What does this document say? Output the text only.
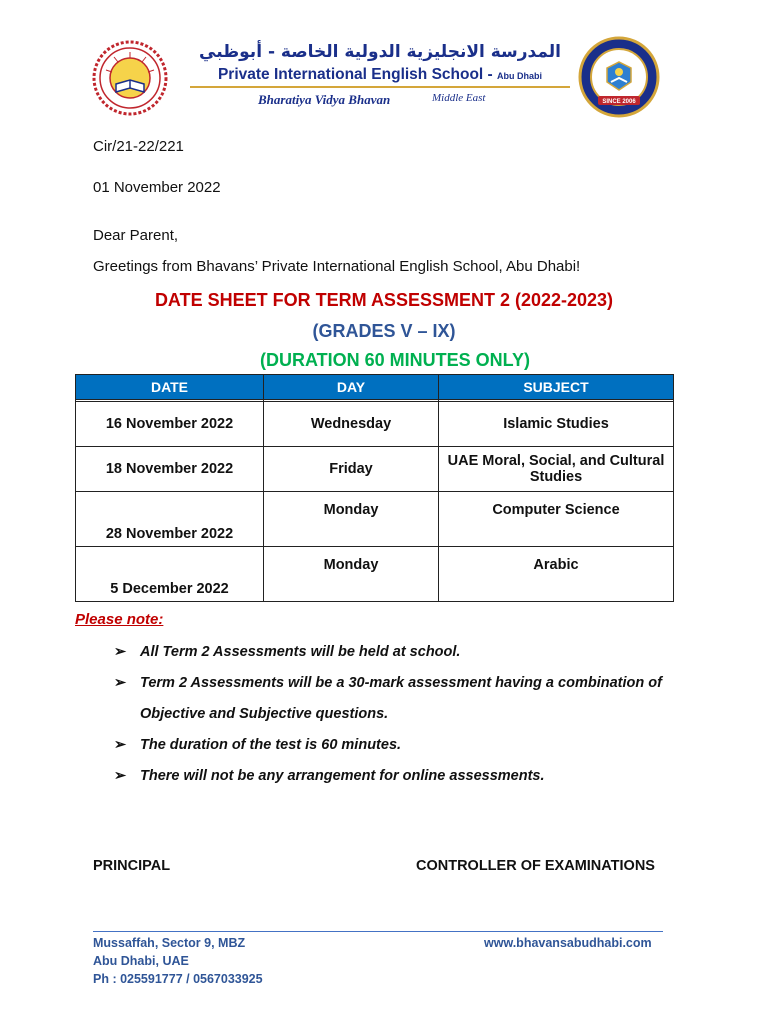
SINCE 2006
المدرسة الانجليزية الدولية الخاصة - أبوظبي
Private International English School - Abu Dhabi
Bharatiya Vidya Bhavan	Middle East
Cir/21-22/221
01 November 2022
Dear Parent,
Greetings from Bhavans’ Private International English School, Abu Dhabi!
DATE SHEET FOR TERM ASSESSMENT 2 (2022-2023)
(GRADES V – IX)
(DURATION 60 MINUTES ONLY)
DATE	DAY	SUBJECT

16 November 2022	Wednesday	Islamic Studies
18 November 2022	Friday	UAE Moral, Social, and Cultural Studies
28 November 2022	Monday	Computer Science
5 December 2022	Monday	Arabic
Please note:
➢ All Term 2 Assessments will be held at school.
➢ Term 2 Assessments will be a 30-mark assessment having a combination of Objective and Subjective questions.
➢ The duration of the test is 60 minutes.
➢ There will not be any arrangement for online assessments.
PRINCIPAL	CONTROLLER OF EXAMINATIONS
Mussaffah, Sector 9, MBZ
Abu Dhabi, UAE
Ph : 025591777 / 0567033925
www.bhavansabudhabi.com
